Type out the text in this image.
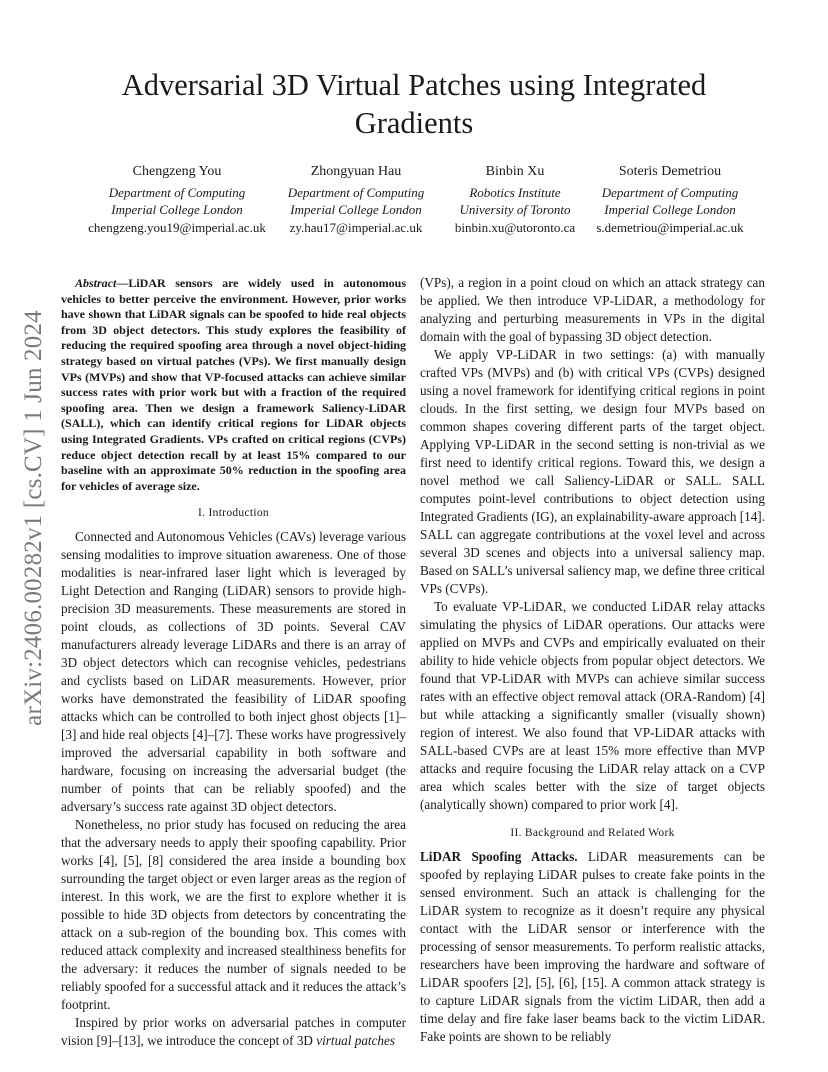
Adversarial 3D Virtual Patches using Integrated Gradients
Chengzeng You
Department of Computing
Imperial College London
chengzeng.you19@imperial.ac.uk
Zhongyuan Hau
Department of Computing
Imperial College London
zy.hau17@imperial.ac.uk
Binbin Xu
Robotics Institute
University of Toronto
binbin.xu@utoronto.ca
Soteris Demetriou
Department of Computing
Imperial College London
s.demetriou@imperial.ac.uk
arXiv:2406.00282v1 [cs.CV] 1 Jun 2024

Abstract—LiDAR sensors are widely used in autonomous vehicles to better perceive the environment. However, prior works have shown that LiDAR signals can be spoofed to hide real objects from 3D object detectors. This study explores the feasibility of reducing the required spoofing area through a novel object-hiding strategy based on virtual patches (VPs). We first manually design VPs (MVPs) and show that VP-focused attacks can achieve similar success rates with prior work but with a fraction of the required spoofing area. Then we design a framework Saliency-LiDAR (SALL), which can identify critical regions for LiDAR objects using Integrated Gradients. VPs crafted on critical regions (CVPs) reduce object detection recall by at least 15% compared to our baseline with an approximate 50% reduction in the spoofing area for vehicles of average size.

I. Introduction

Connected and Autonomous Vehicles (CAVs) leverage various sensing modalities to improve situation awareness. One of those modalities is near-infrared laser light which is leveraged by Light Detection and Ranging (LiDAR) sensors to provide high-precision 3D measurements. These measurements are stored in point clouds, as collections of 3D points. Several CAV manufacturers already leverage LiDARs and there is an array of 3D object detectors which can recognise vehicles, pedestrians and cyclists based on LiDAR measurements. However, prior works have demonstrated the feasibility of LiDAR spoofing attacks which can be controlled to both inject ghost objects [1]–[3] and hide real objects [4]–[7]. These works have progressively improved the adversarial capability in both software and hardware, focusing on increasing the adversarial budget (the number of points that can be reliably spoofed) and the adversary’s success rate against 3D object detectors.

Nonetheless, no prior study has focused on reducing the area that the adversary needs to apply their spoofing capability. Prior works [4], [5], [8] considered the area inside a bounding box surrounding the target object or even larger areas as the region of interest. In this work, we are the first to explore whether it is possible to hide 3D objects from detectors by concentrating the attack on a sub-region of the bounding box. This comes with reduced attack complexity and increased stealthiness benefits for the adversary: it reduces the number of signals needed to be reliably spoofed for a successful attack and it reduces the attack’s footprint.

Inspired by prior works on adversarial patches in computer vision [9]–[13], we introduce the concept of 3D virtual patches

(VPs), a region in a point cloud on which an attack strategy can be applied. We then introduce VP-LiDAR, a methodology for analyzing and perturbing measurements in VPs in the digital domain with the goal of bypassing 3D object detection.

We apply VP-LiDAR in two settings: (a) with manually crafted VPs (MVPs) and (b) with critical VPs (CVPs) designed using a novel framework for identifying critical regions in point clouds. In the first setting, we design four MVPs based on common shapes covering different parts of the target object. Applying VP-LiDAR in the second setting is non-trivial as we first need to identify critical regions. Toward this, we design a novel method we call Saliency-LiDAR or SALL. SALL computes point-level contributions to object detection using Integrated Gradients (IG), an explainability-aware approach [14]. SALL can aggregate contributions at the voxel level and across several 3D scenes and objects into a universal saliency map. Based on SALL’s universal saliency map, we define three critical VPs (CVPs).

To evaluate VP-LiDAR, we conducted LiDAR relay attacks simulating the physics of LiDAR operations. Our attacks were applied on MVPs and CVPs and empirically evaluated on their ability to hide vehicle objects from popular object detectors. We found that VP-LiDAR with MVPs can achieve similar success rates with an effective object removal attack (ORA-Random) [4] but while attacking a significantly smaller (visually shown) region of interest. We also found that VP-LiDAR attacks with SALL-based CVPs are at least 15% more effective than MVP attacks and require focusing the LiDAR relay attack on a CVP area which scales better with the size of target objects (analytically shown) compared to prior work [4].

II. Background and Related Work

LiDAR Spoofing Attacks. LiDAR measurements can be spoofed by replaying LiDAR pulses to create fake points in the sensed environment. Such an attack is challenging for the LiDAR system to recognize as it doesn’t require any physical contact with the LiDAR sensor or interference with the processing of sensor measurements. To perform realistic attacks, researchers have been improving the hardware and software of LiDAR spoofers [2], [5], [6], [15]. A common attack strategy is to capture LiDAR signals from the victim LiDAR, then add a time delay and fire fake laser beams back to the victim LiDAR. Fake points are shown to be reliably
